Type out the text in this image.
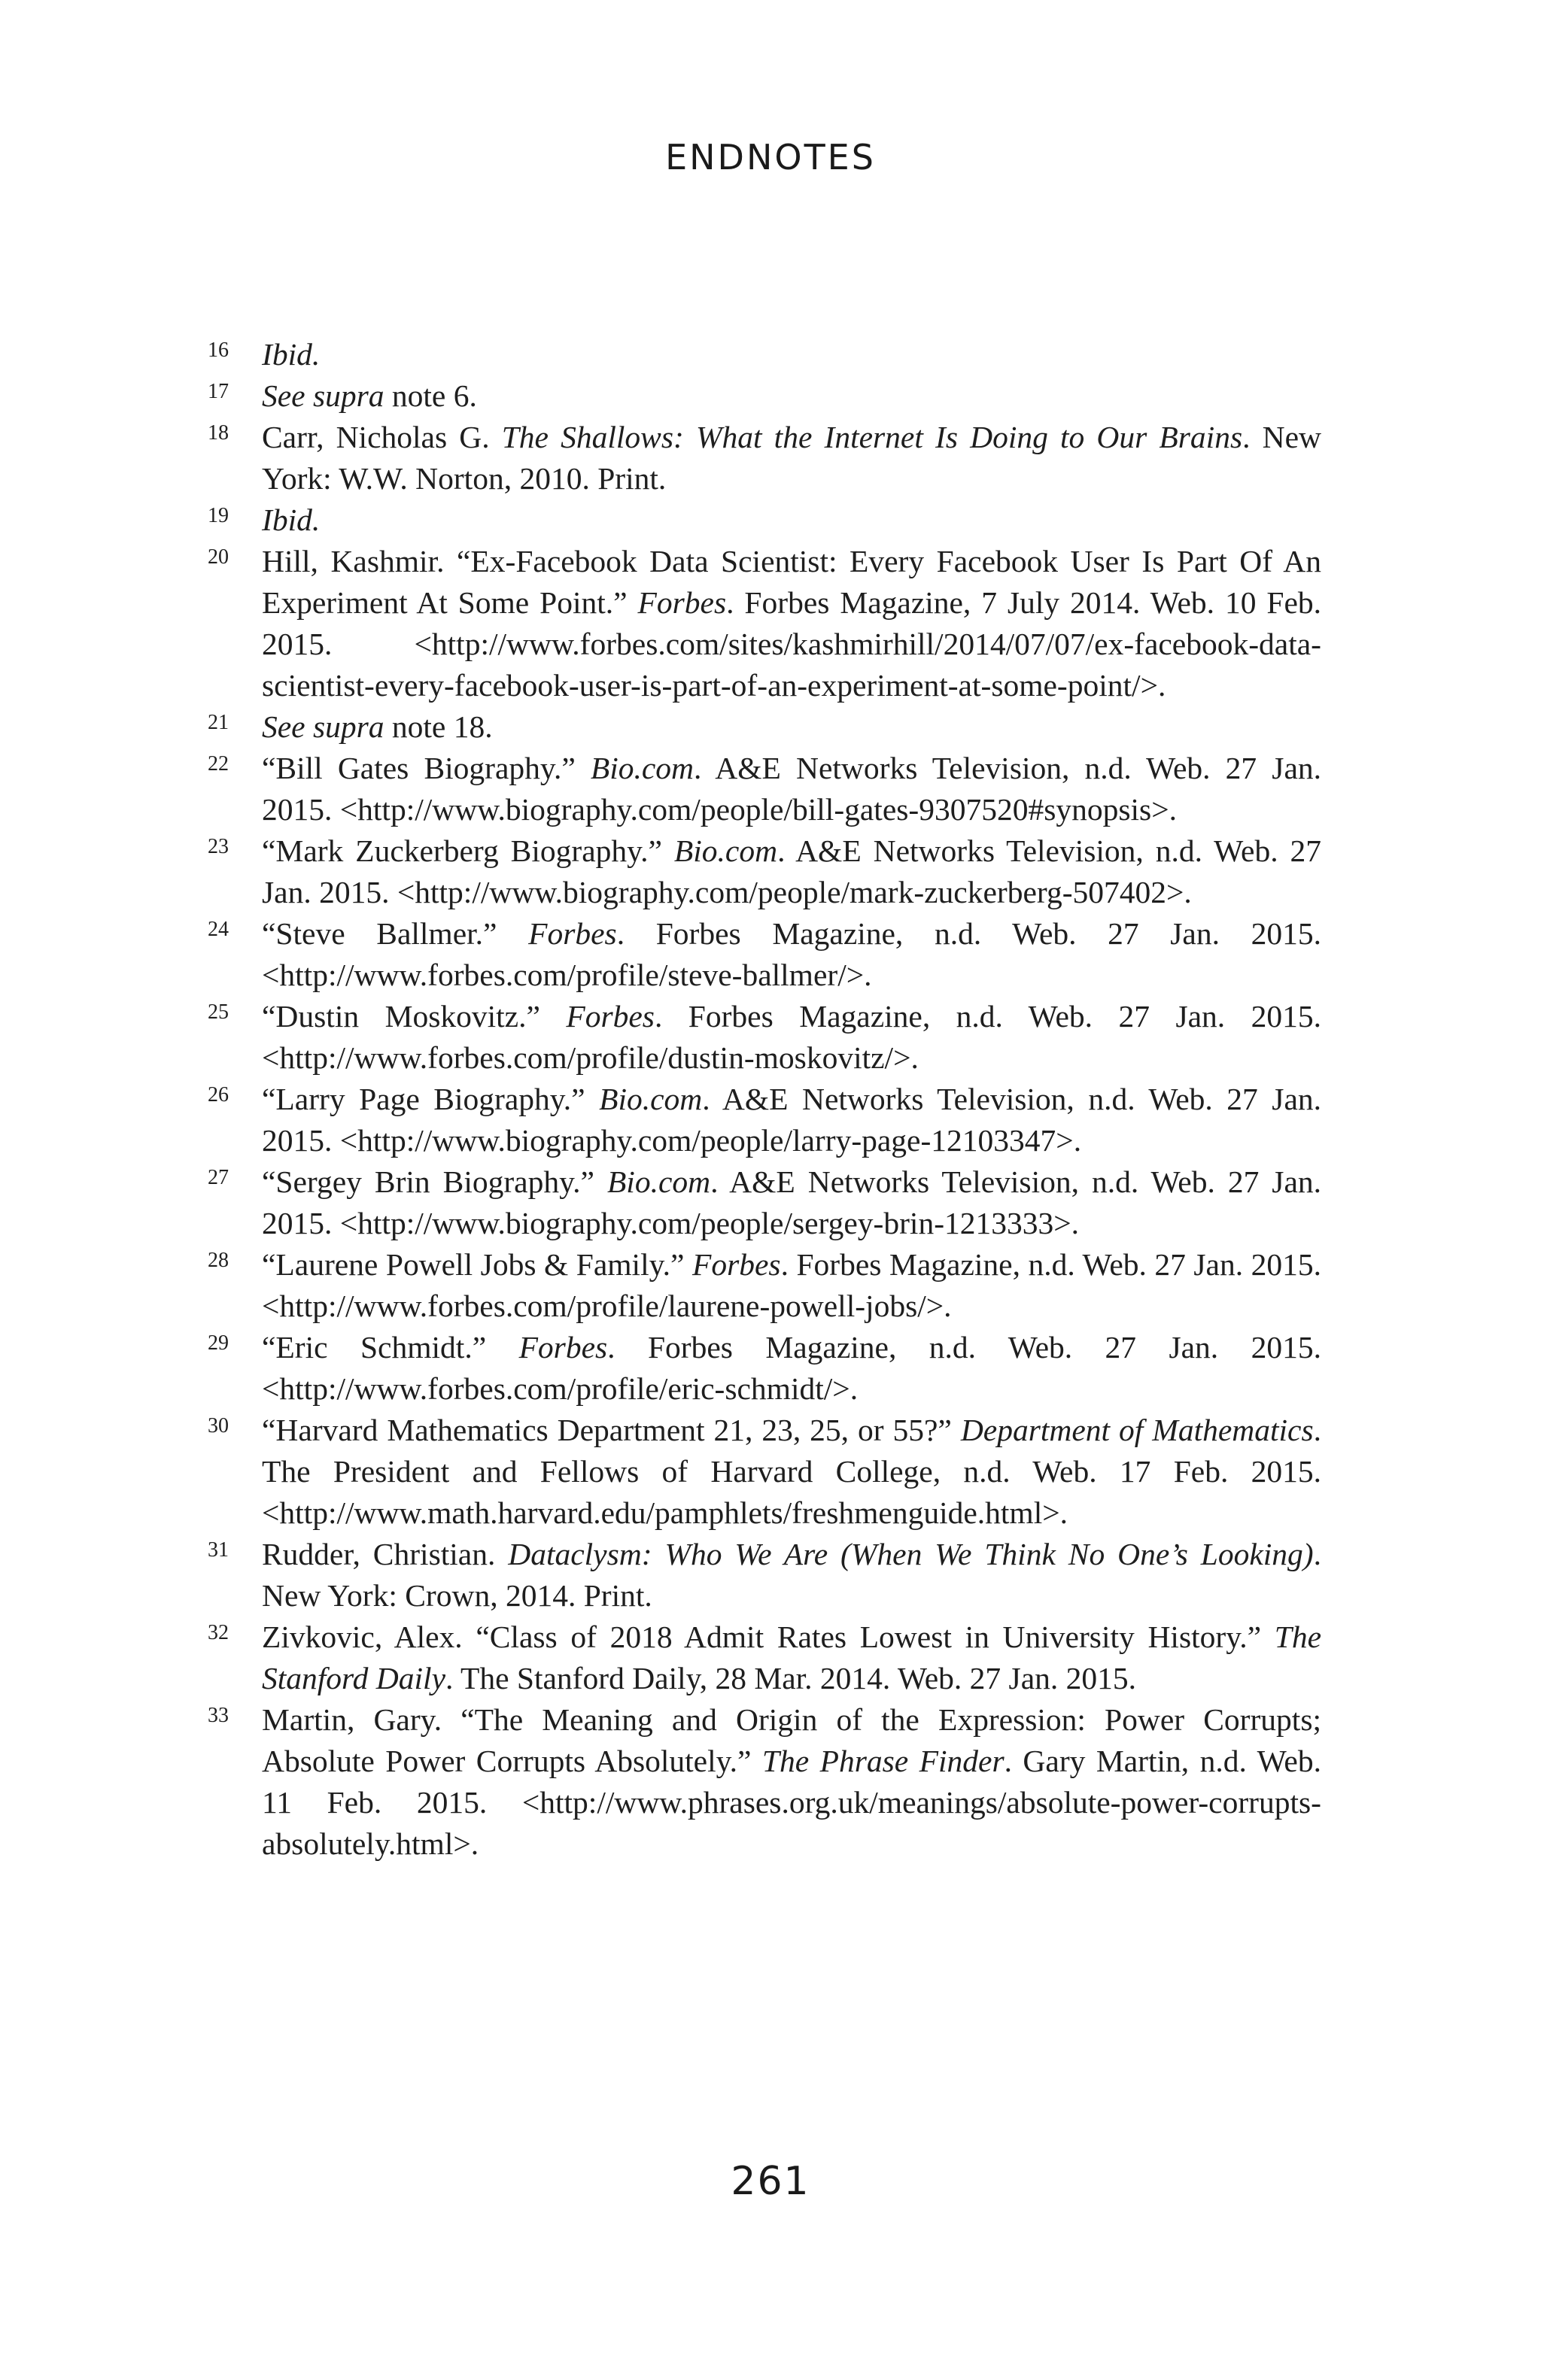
ENDNOTES
16 Ibid.
17 See supra note 6.
18 Carr, Nicholas G. The Shallows: What the Internet Is Doing to Our Brains. New York: W.W. Norton, 2010. Print.
19 Ibid.
20 Hill, Kashmir. “Ex-Facebook Data Scientist: Every Facebook User Is Part Of An Experiment At Some Point.” Forbes. Forbes Magazine, 7 July 2014. Web. 10 Feb. 2015. <http://www.forbes.com/sites/kashmirhill/2014/07/07/ex-facebook-data-scientist-every-facebook-user-is-part-of-an-experiment-at-some-point/>.
21 See supra note 18.
22 “Bill Gates Biography.” Bio.com. A&E Networks Television, n.d. Web. 27 Jan. 2015. <http://www.biography.com/people/bill-gates-9307520#synopsis>.
23 “Mark Zuckerberg Biography.” Bio.com. A&E Networks Television, n.d. Web. 27 Jan. 2015. <http://www.biography.com/people/mark-zuckerberg-507402>.
24 “Steve Ballmer.” Forbes. Forbes Magazine, n.d. Web. 27 Jan. 2015. <http://www.forbes.com/profile/steve-ballmer/>.
25 “Dustin Moskovitz.” Forbes. Forbes Magazine, n.d. Web. 27 Jan. 2015. <http://www.forbes.com/profile/dustin-moskovitz/>.
26 “Larry Page Biography.” Bio.com. A&E Networks Television, n.d. Web. 27 Jan. 2015. <http://www.biography.com/people/larry-page-12103347>.
27 “Sergey Brin Biography.” Bio.com. A&E Networks Television, n.d. Web. 27 Jan. 2015. <http://www.biography.com/people/sergey-brin-1213333>.
28 “Laurene Powell Jobs & Family.” Forbes. Forbes Magazine, n.d. Web. 27 Jan. 2015. <http://www.forbes.com/profile/laurene-powell-jobs/>.
29 “Eric Schmidt.” Forbes. Forbes Magazine, n.d. Web. 27 Jan. 2015. <http://www.forbes.com/profile/eric-schmidt/>.
30 “Harvard Mathematics Department 21, 23, 25, or 55?” Department of Mathematics. The President and Fellows of Harvard College, n.d. Web. 17 Feb. 2015. <http://www.math.harvard.edu/pamphlets/freshmenguide.html>.
31 Rudder, Christian. Dataclysm: Who We Are (When We Think No One’s Looking). New York: Crown, 2014. Print.
32 Zivkovic, Alex. “Class of 2018 Admit Rates Lowest in University History.” The Stanford Daily. The Stanford Daily, 28 Mar. 2014. Web. 27 Jan. 2015.
33 Martin, Gary. “The Meaning and Origin of the Expression: Power Corrupts; Absolute Power Corrupts Absolutely.” The Phrase Finder. Gary Martin, n.d. Web. 11 Feb. 2015. <http://www.phrases.org.uk/meanings/absolute-power-corrupts-absolutely.html>.
261
